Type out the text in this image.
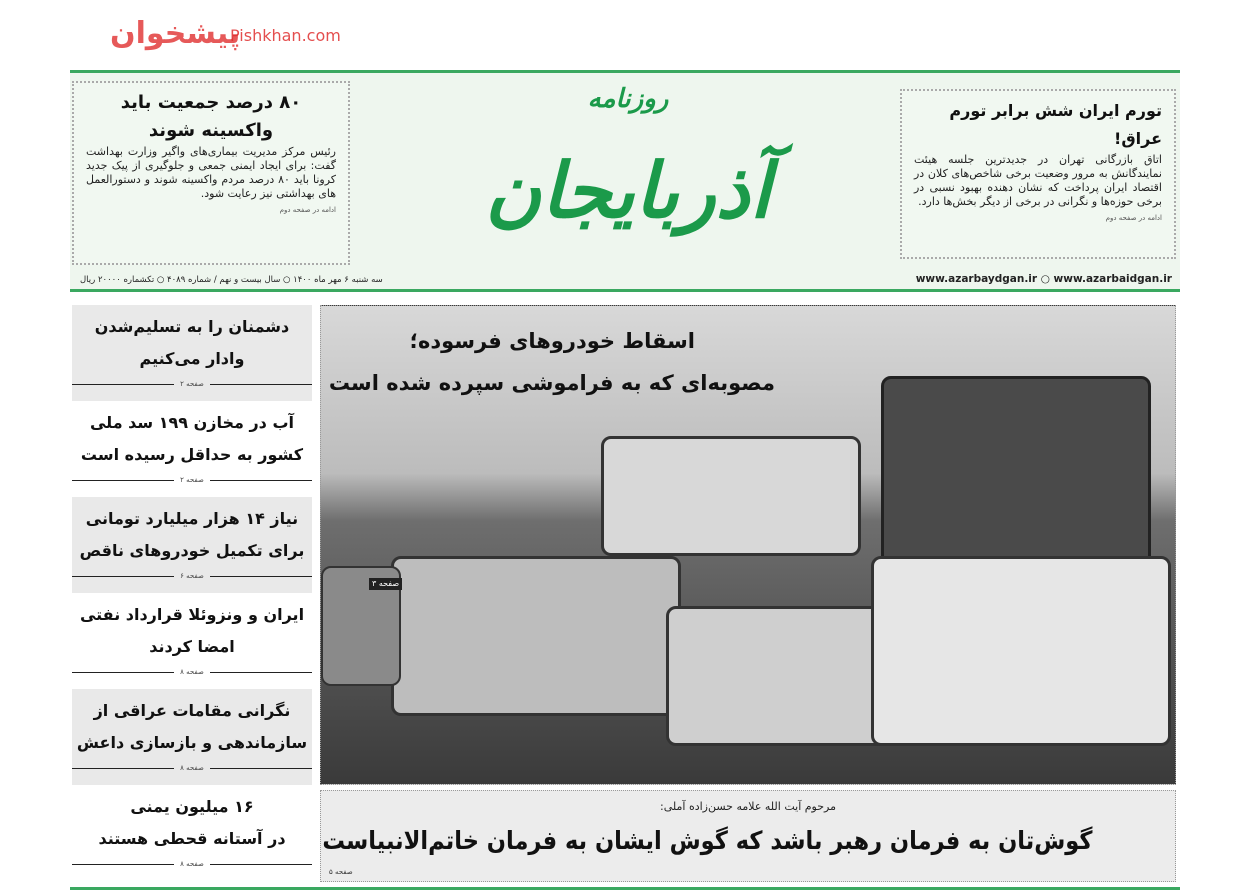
پیشخوان
Pishkhan.com
۸۰ درصد جمعیت باید واکسینه شوند

رئیس مرکز مدیریت بیماری‌های واگیر وزارت بهداشت گفت: برای ایجاد ایمنی جمعی و جلوگیری از پیک جدید کرونا باید ۸۰ درصد مردم واکسینه شوند و دستورالعمل های بهداشتی نیز رعایت شود.

ادامه در صفحه دوم
روزنامه
آذربایجان
تورم ایران شش برابر تورم عراق!

اتاق بازرگانی تهران در جدیدترین جلسه هیئت نمایندگانش به مرور وضعیت برخی شاخص‌های کلان در اقتصاد ایران پرداخت که نشان دهنده بهبود نسبی در برخی حوزه‌ها و نگرانی در برخی از دیگر بخش‌ها دارد.

ادامه در صفحه دوم
سه شنبه ۶ مهر ماه ۱۴۰۰ ○ سال بیست و نهم / شماره ۴۰۸۹ ○ تکشماره ۲۰۰۰۰ ریال	www.azarbaydgan.ir ○ www.azarbaidgan.ir
دشمنان را به تسلیم‌شدن
وادار می‌کنیم
صفحه ۲
آب در مخازن ۱۹۹ سد ملی
کشور به حداقل رسیده است
صفحه ۲
نیاز ۱۴ هزار میلیارد تومانی
برای تکمیل خودروهای ناقص
صفحه ۶
ایران و ونزوئلا قرارداد نفتی
امضا کردند
صفحه ۸
نگرانی مقامات عراقی از
سازماندهی و بازسازی داعش
صفحه ۸
۱۶ میلیون یمنی
در آستانه قحطی هستند
صفحه ۸
اسقاط خودروهای فرسوده؛
مصوبه‌ای که به فراموشی سپرده شده است
صفحه ۳
مرحوم آیت الله علامه حسن‌زاده آملی:
گوش‌تان به فرمان رهبر باشد که گوش ایشان به فرمان خاتم‌الانبیاست
صفحه ۵
